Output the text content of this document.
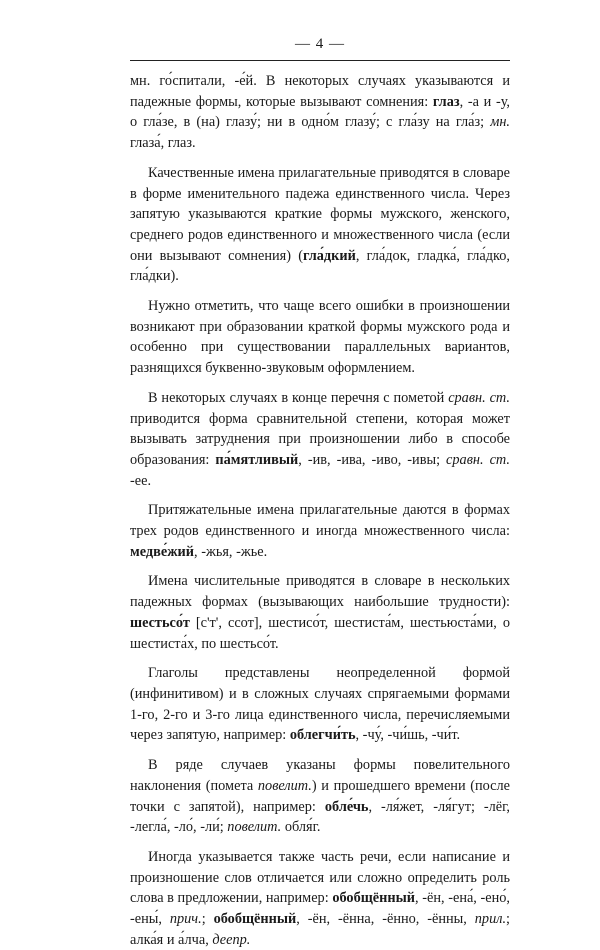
— 4 —

мн. го́спитали, -е́й. В некоторых случаях указываются и падежные формы, которые вызывают сомнения: глаз, -а и -у, о гла́зе, в (на) глазу́; ни в одно́м глазу́; с гла́зу на гла́з; мн. глаза́, глаз.

Качественные имена прилагательные приводятся в словаре в форме именительного падежа единственного числа. Через запятую указываются краткие формы мужского, женского, среднего родов единственного и множественного числа (если они вызывают сомнения) (гла́дкий, гла́док, гладка́, гла́дко, гла́дки).

Нужно отметить, что чаще всего ошибки в произношении возникают при образовании краткой формы мужского рода и особенно при существовании параллельных вариантов, разнящихся буквенно-звуковым оформлением.

В некоторых случаях в конце перечня с пометой сравн. ст. приводится форма сравнительной степени, которая может вызывать затруднения при произношении либо в способе образования: па́мятливый, -ив, -ива, -иво, -ивы; сравн. ст. -ее.

Притяжательные имена прилагательные даются в формах трех родов единственного и иногда множественного числа: медве́жий, -жья, -жье.

Имена числительные приводятся в словаре в нескольких падежных формах (вызывающих наибольшие трудности): шестьсо́т [с'т', ссот], шестисо́т, шестиста́м, шестьюста́ми, о шестиста́х, по шестьсо́т.

Глаголы представлены неопределенной формой (инфинитивом) и в сложных случаях спрягаемыми формами 1-го, 2-го и 3-го лица единственного числа, перечисляемыми через запятую, например: облегчи́ть, -чу́, -чи́шь, -чи́т.

В ряде случаев указаны формы повелительного наклонения (помета повелит.) и прошедшего времени (после точки с запятой), например: обле́чь, -ля́жет, -ля́гут; -лёг, -легла́, -ло́, -ли́; повелит. обля́г.

Иногда указывается также часть речи, если написание и произношение слов отличается или сложно определить роль слова в предложении, например: обобщённый, -ён, -ена́, -ено́, -ены́, прич.; обобщённый, -ён, -ённа, -ённо, -ённы, прил.; алка́я и а́лча, деепр.
